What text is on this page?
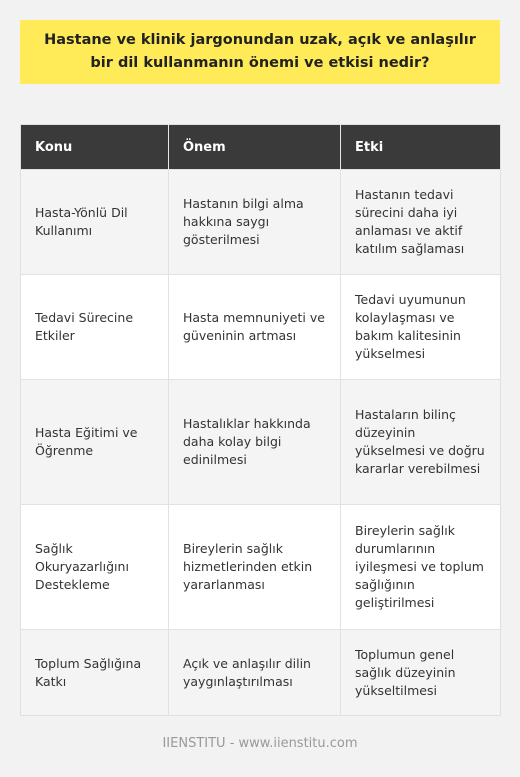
Hastane ve klinik jargonundan uzak, açık ve anlaşılır bir dil kullanmanın önemi ve etkisi nedir?
Konu	Önem	Etki
Hasta-Yönlü Dil Kullanımı	Hastanın bilgi alma hakkına saygı gösterilmesi	Hastanın tedavi sürecini daha iyi anlaması ve aktif katılım sağlaması
Tedavi Sürecine Etkiler	Hasta memnuniyeti ve güveninin artması	Tedavi uyumunun kolaylaşması ve bakım kalitesinin yükselmesi
Hasta Eğitimi ve Öğrenme	Hastalıklar hakkında daha kolay bilgi edinilmesi	Hastaların bilinç düzeyinin yükselmesi ve doğru kararlar verebilmesi
Sağlık Okuryazarlığını Destekleme	Bireylerin sağlık hizmetlerinden etkin yararlanması	Bireylerin sağlık durumlarının iyileşmesi ve toplum sağlığının geliştirilmesi
Toplum Sağlığına Katkı	Açık ve anlaşılır dilin yaygınlaştırılması	Toplumun genel sağlık düzeyinin yükseltilmesi
IIENSTITU - www.iienstitu.com
